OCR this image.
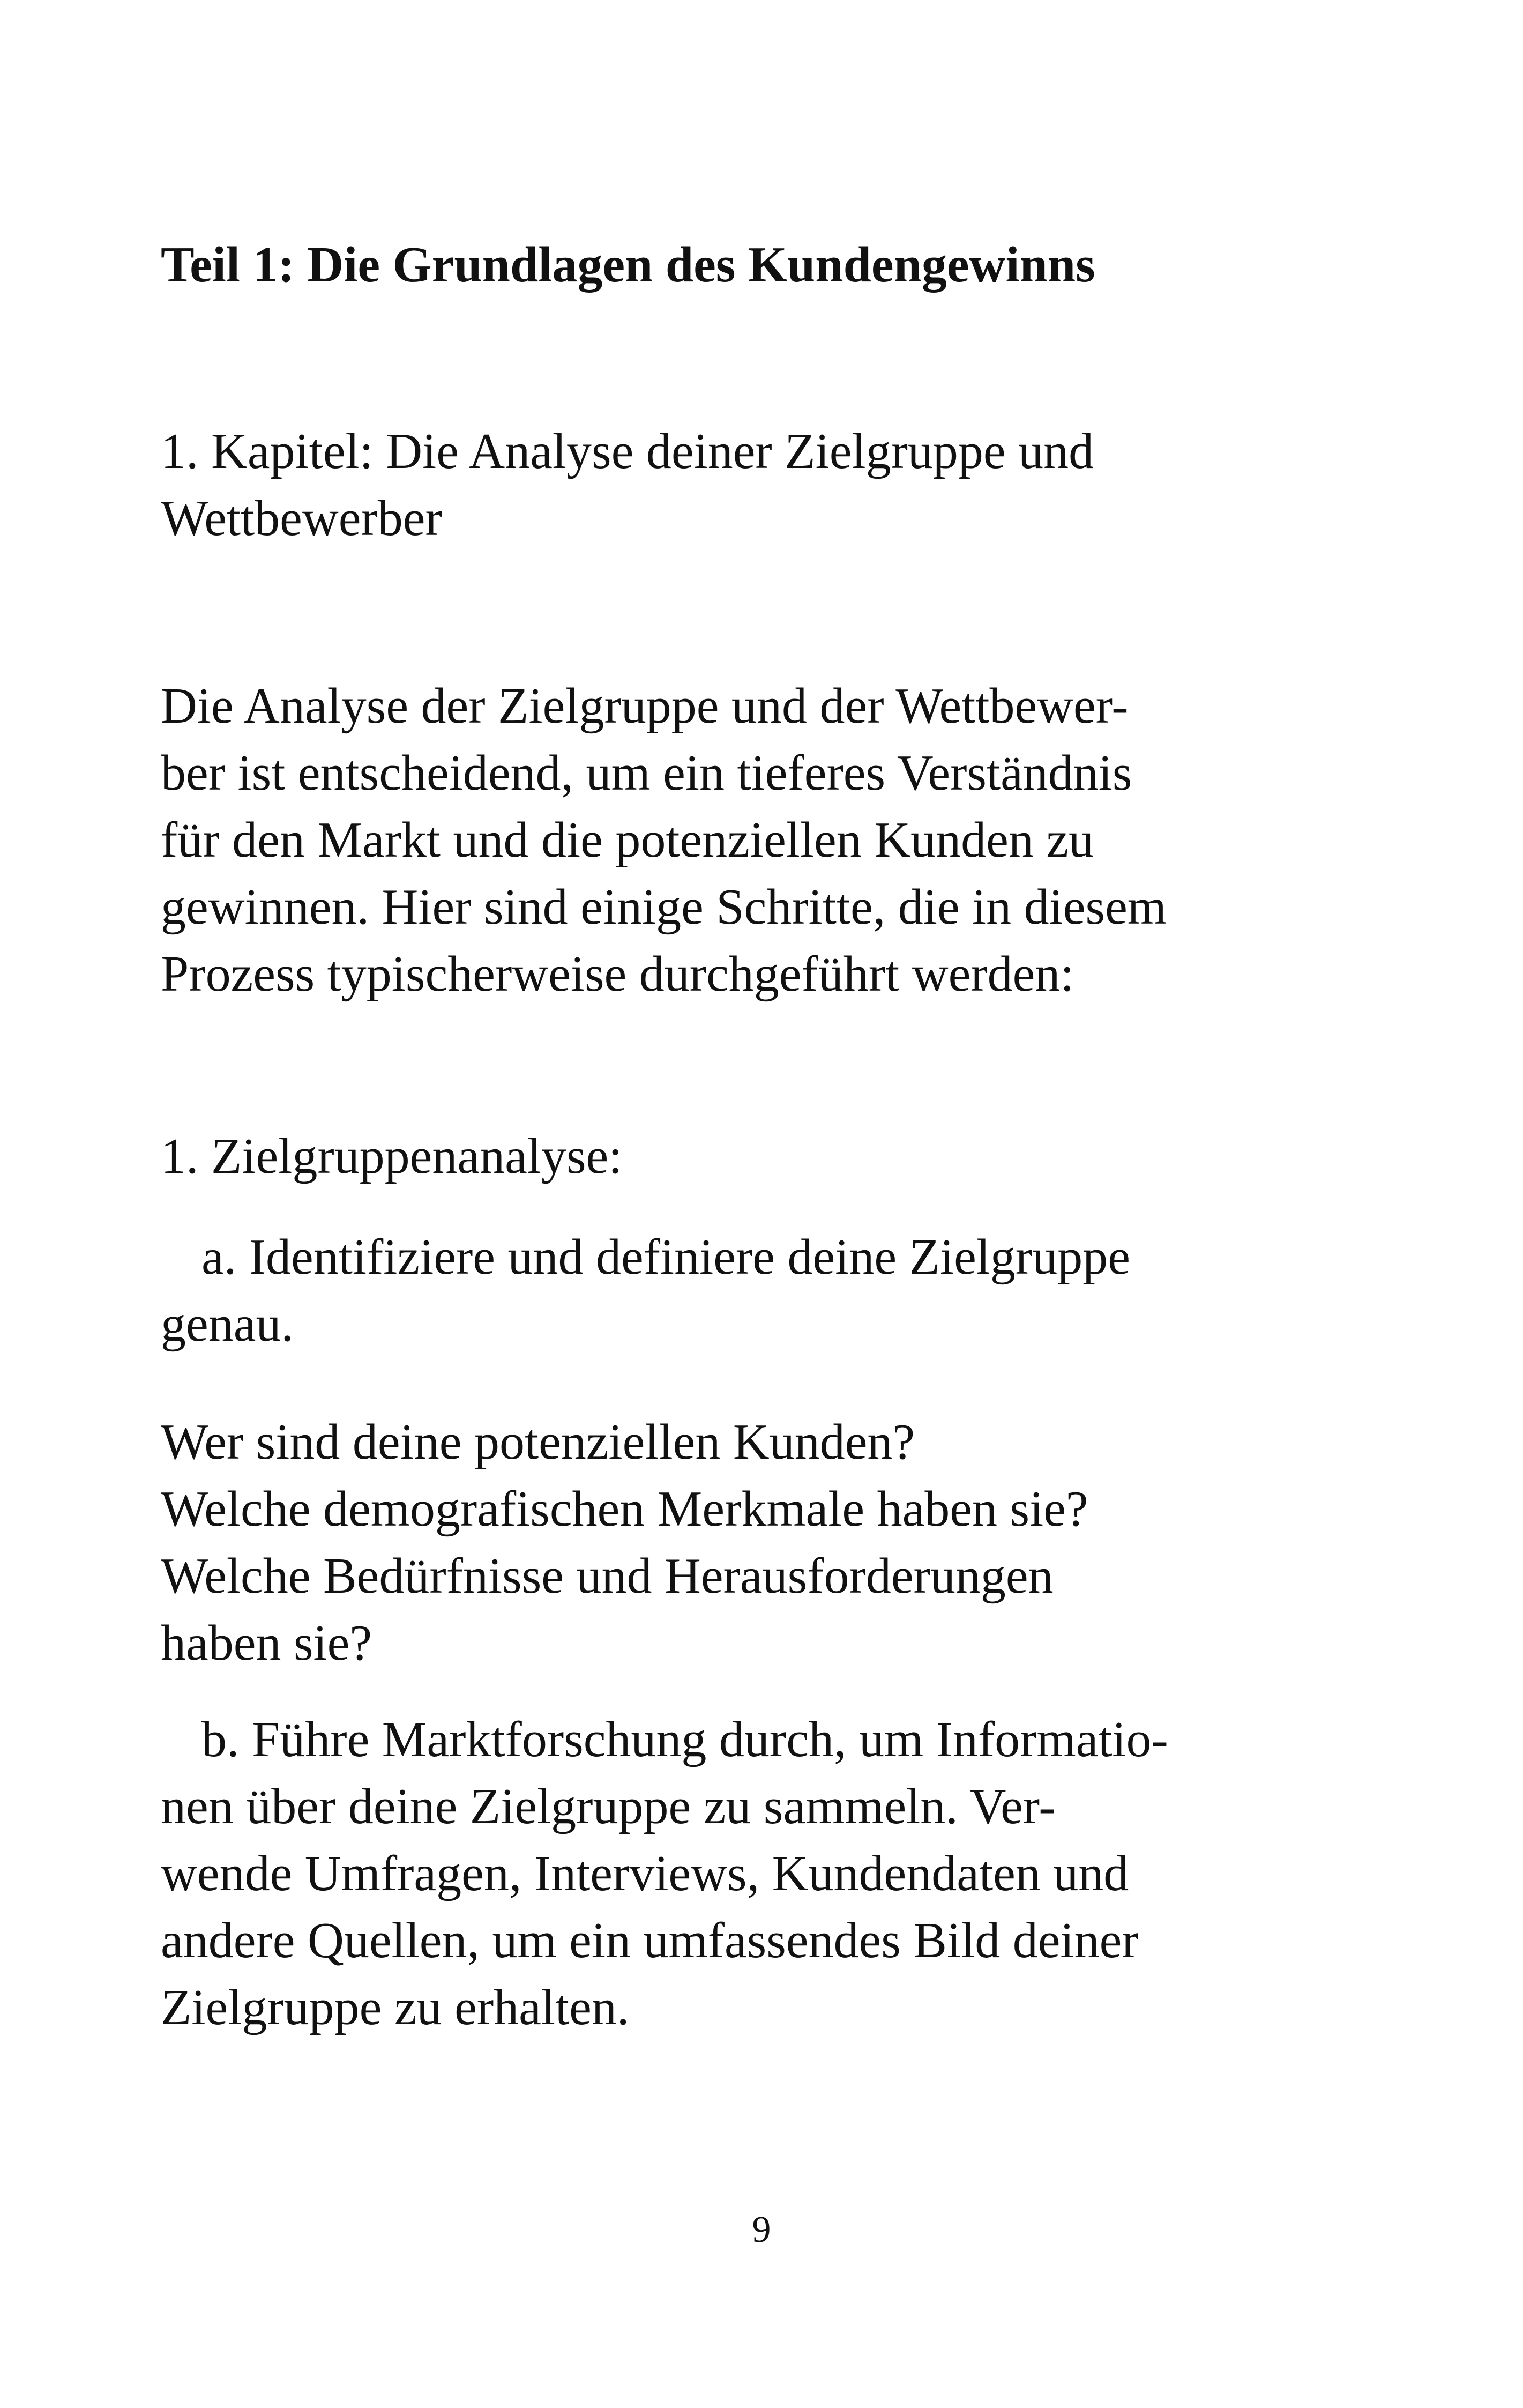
Teil 1: Die Grundlagen des Kundengewinns
1. Kapitel: Die Analyse deiner Zielgruppe und
Wettbewerber
Die Analyse der Zielgruppe und der Wettbewer-
ber ist entscheidend, um ein tieferes Verständnis
für den Markt und die potenziellen Kunden zu
gewinnen. Hier sind einige Schritte, die in diesem
Prozess typischerweise durchgeführt werden:
1. Zielgruppenanalyse:
a. Identifiziere und definiere deine Zielgruppe
genau.
Wer sind deine potenziellen Kunden?
Welche demografischen Merkmale haben sie?
Welche Bedürfnisse und Herausforderungen
haben sie?
b. Führe Marktforschung durch, um Informatio-
nen über deine Zielgruppe zu sammeln. Ver-
wende Umfragen, Interviews, Kundendaten und
andere Quellen, um ein umfassendes Bild deiner
Zielgruppe zu erhalten.
9
